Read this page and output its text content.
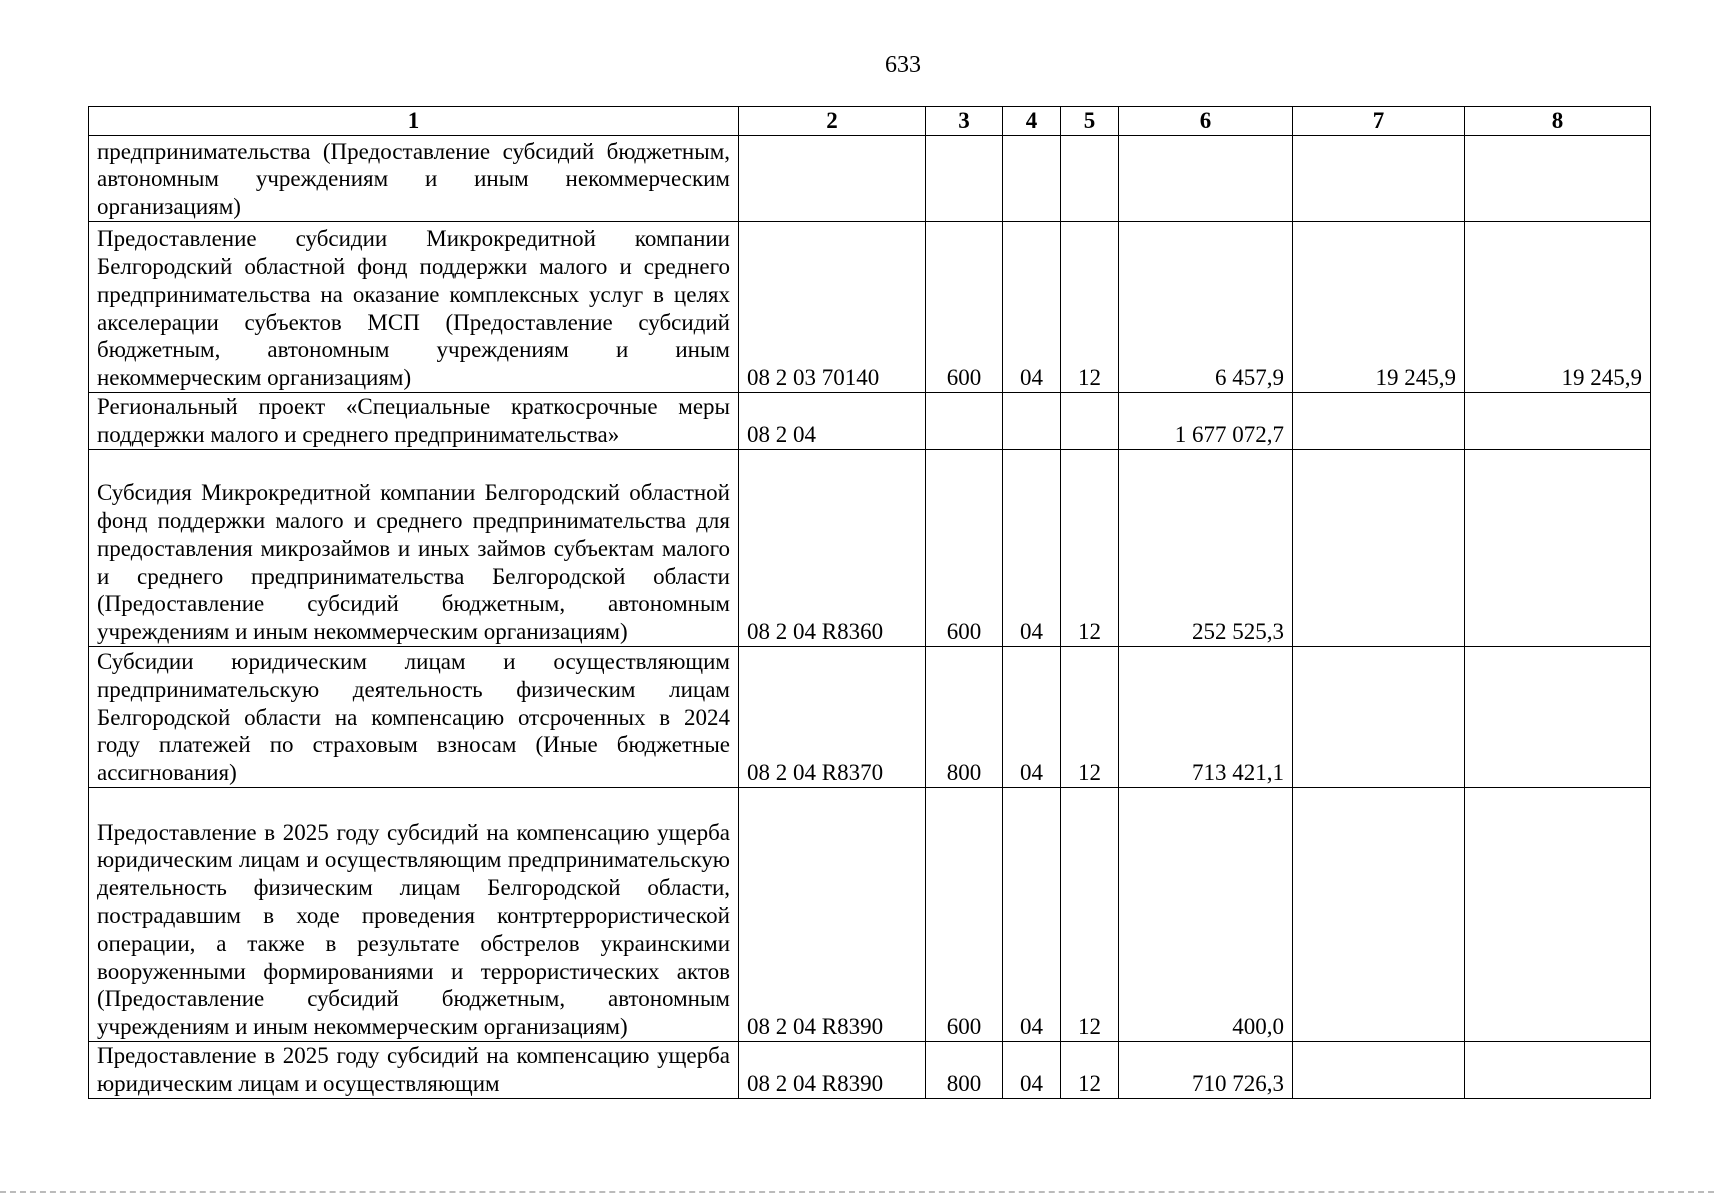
633
1	2	3	4	5	6	7	8
предпринимательства (Предоставление субсидий бюджетным, автономным учреждениям и иным некоммерческим организациям)							
Предоставление субсидии Микрокредитной компании Белгородский областной фонд поддержки малого и среднего предпринимательства на оказание комплексных услуг в целях акселерации субъектов МСП (Предоставление субсидий бюджетным, автономным учреждениям и иным некоммерческим организациям)	08 2 03 70140	600	04	12	6 457,9	19 245,9	19 245,9
Региональный проект «Специальные краткосрочные меры поддержки малого и среднего предпринимательства»	08 2 04				1 677 072,7		
Субсидия Микрокредитной компании Белгородский областной фонд поддержки малого и среднего предпринимательства для предоставления микрозаймов и иных займов субъектам малого и среднего предпринимательства Белгородской области (Предоставление субсидий бюджетным, автономным учреждениям и иным некоммерческим организациям)	08 2 04 R8360	600	04	12	252 525,3		
Субсидии юридическим лицам и осуществляющим предпринимательскую деятельность физическим лицам Белгородской области на компенсацию отсроченных в 2024 году платежей по страховым взносам (Иные бюджетные ассигнования)	08 2 04 R8370	800	04	12	713 421,1		
Предоставление в 2025 году субсидий на компенсацию ущерба юридическим лицам и осуществляющим предпринимательскую деятельность физическим лицам Белгородской области, пострадавшим в ходе проведения контртеррористической операции, а также в результате обстрелов украинскими вооруженными формированиями и террористических актов (Предоставление субсидий бюджетным, автономным учреждениям и иным некоммерческим организациям)	08 2 04 R8390	600	04	12	400,0		
Предоставление в 2025 году субсидий на компенсацию ущерба юридическим лицам и осуществляющим	08 2 04 R8390	800	04	12	710 726,3		
